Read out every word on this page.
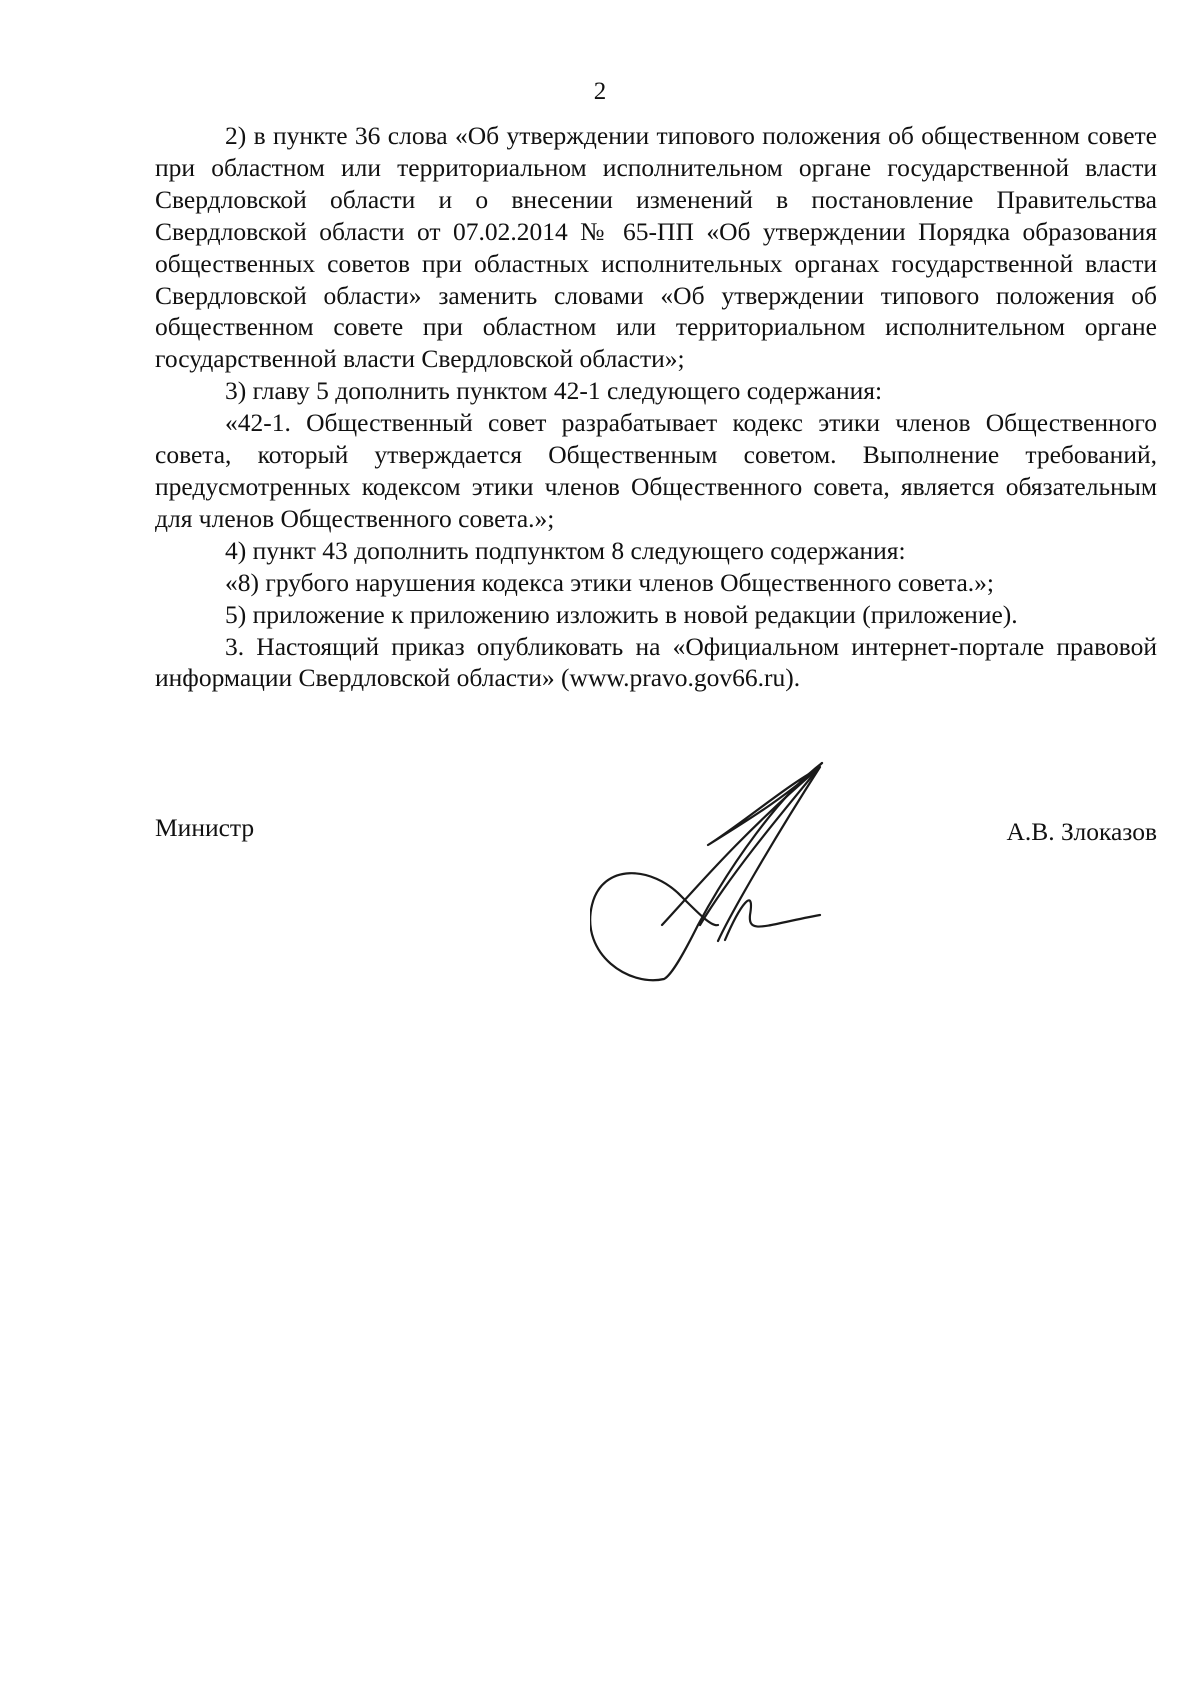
2

2) в пункте 36 слова «Об утверждении типового положения об общественном совете при областном или территориальном исполнительном органе государственной власти Свердловской области и о внесении изменений в постановление Правительства Свердловской области от 07.02.2014 № 65-ПП «Об утверждении Порядка образования общественных советов при областных исполнительных органах государственной власти Свердловской области» заменить словами «Об утверждении типового положения об общественном совете при областном или территориальном исполнительном органе государственной власти Свердловской области»;

3) главу 5 дополнить пунктом 42-1 следующего содержания:

«42-1. Общественный совет разрабатывает кодекс этики членов Общественного совета, который утверждается Общественным советом. Выполнение требований, предусмотренных кодексом этики членов Общественного совета, является обязательным для членов Общественного совета.»;

4) пункт 43 дополнить подпунктом 8 следующего содержания:

«8) грубого нарушения кодекса этики членов Общественного совета.»;

5) приложение к приложению изложить в новой редакции (приложение).

3. Настоящий приказ опубликовать на «Официальном интернет-портале правовой информации Свердловской области» (www.pravo.gov66.ru).

Министр	А.В. Злоказов
